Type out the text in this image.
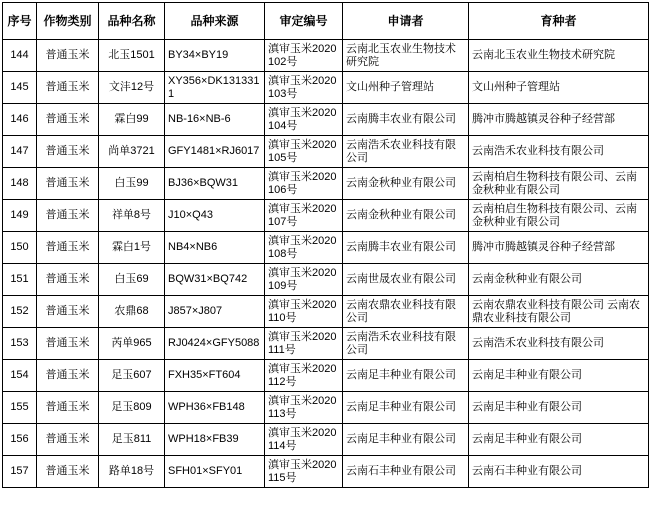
序号	作物类别	品种名称	品种来源	审定编号	申请者	育种者
144	普通玉米	北玉1501	BY34×BY19	滇审玉米2020102号	云南北玉农业生物技术研究院	云南北玉农业生物技术研究院
145	普通玉米	文沣12号	XY356×DK1313311	滇审玉米2020103号	文山州种子管理站	文山州种子管理站
146	普通玉米	霖白99	NB-16×NB-6	滇审玉米2020104号	云南腾丰农业有限公司	腾冲市腾越镇灵谷种子经营部
147	普通玉米	尚单3721	GFY1481×RJ6017	滇审玉米2020105号	云南浩禾农业科技有限公司	云南浩禾农业科技有限公司
148	普通玉米	白玉99	BJ36×BQW31	滇审玉米2020106号	云南金秋种业有限公司	云南柏启生物科技有限公司、云南金秋种业有限公司
149	普通玉米	祥单8号	J10×Q43	滇审玉米2020107号	云南金秋种业有限公司	云南柏启生物科技有限公司、云南金秋种业有限公司
150	普通玉米	霖白1号	NB4×NB6	滇审玉米2020108号	云南腾丰农业有限公司	腾冲市腾越镇灵谷种子经营部
151	普通玉米	白玉69	BQW31×BQ742	滇审玉米2020109号	云南世晟农业有限公司	云南金秋种业有限公司
152	普通玉米	农鼎68	J857×J807	滇审玉米2020110号	云南农鼎农业科技有限公司	云南农鼎农业科技有限公司 云南农鼎农业科技有限公司
153	普通玉米	芮单965	RJ0424×GFY5088	滇审玉米2020111号	云南浩禾农业科技有限公司	云南浩禾农业科技有限公司
154	普通玉米	足玉607	FXH35×FT604	滇审玉米2020112号	云南足丰种业有限公司	云南足丰种业有限公司
155	普通玉米	足玉809	WPH36×FB148	滇审玉米2020113号	云南足丰种业有限公司	云南足丰种业有限公司
156	普通玉米	足玉811	WPH18×FB39	滇审玉米2020114号	云南足丰种业有限公司	云南足丰种业有限公司
157	普通玉米	路单18号	SFH01×SFY01	滇审玉米2020115号	云南石丰种业有限公司	云南石丰种业有限公司
